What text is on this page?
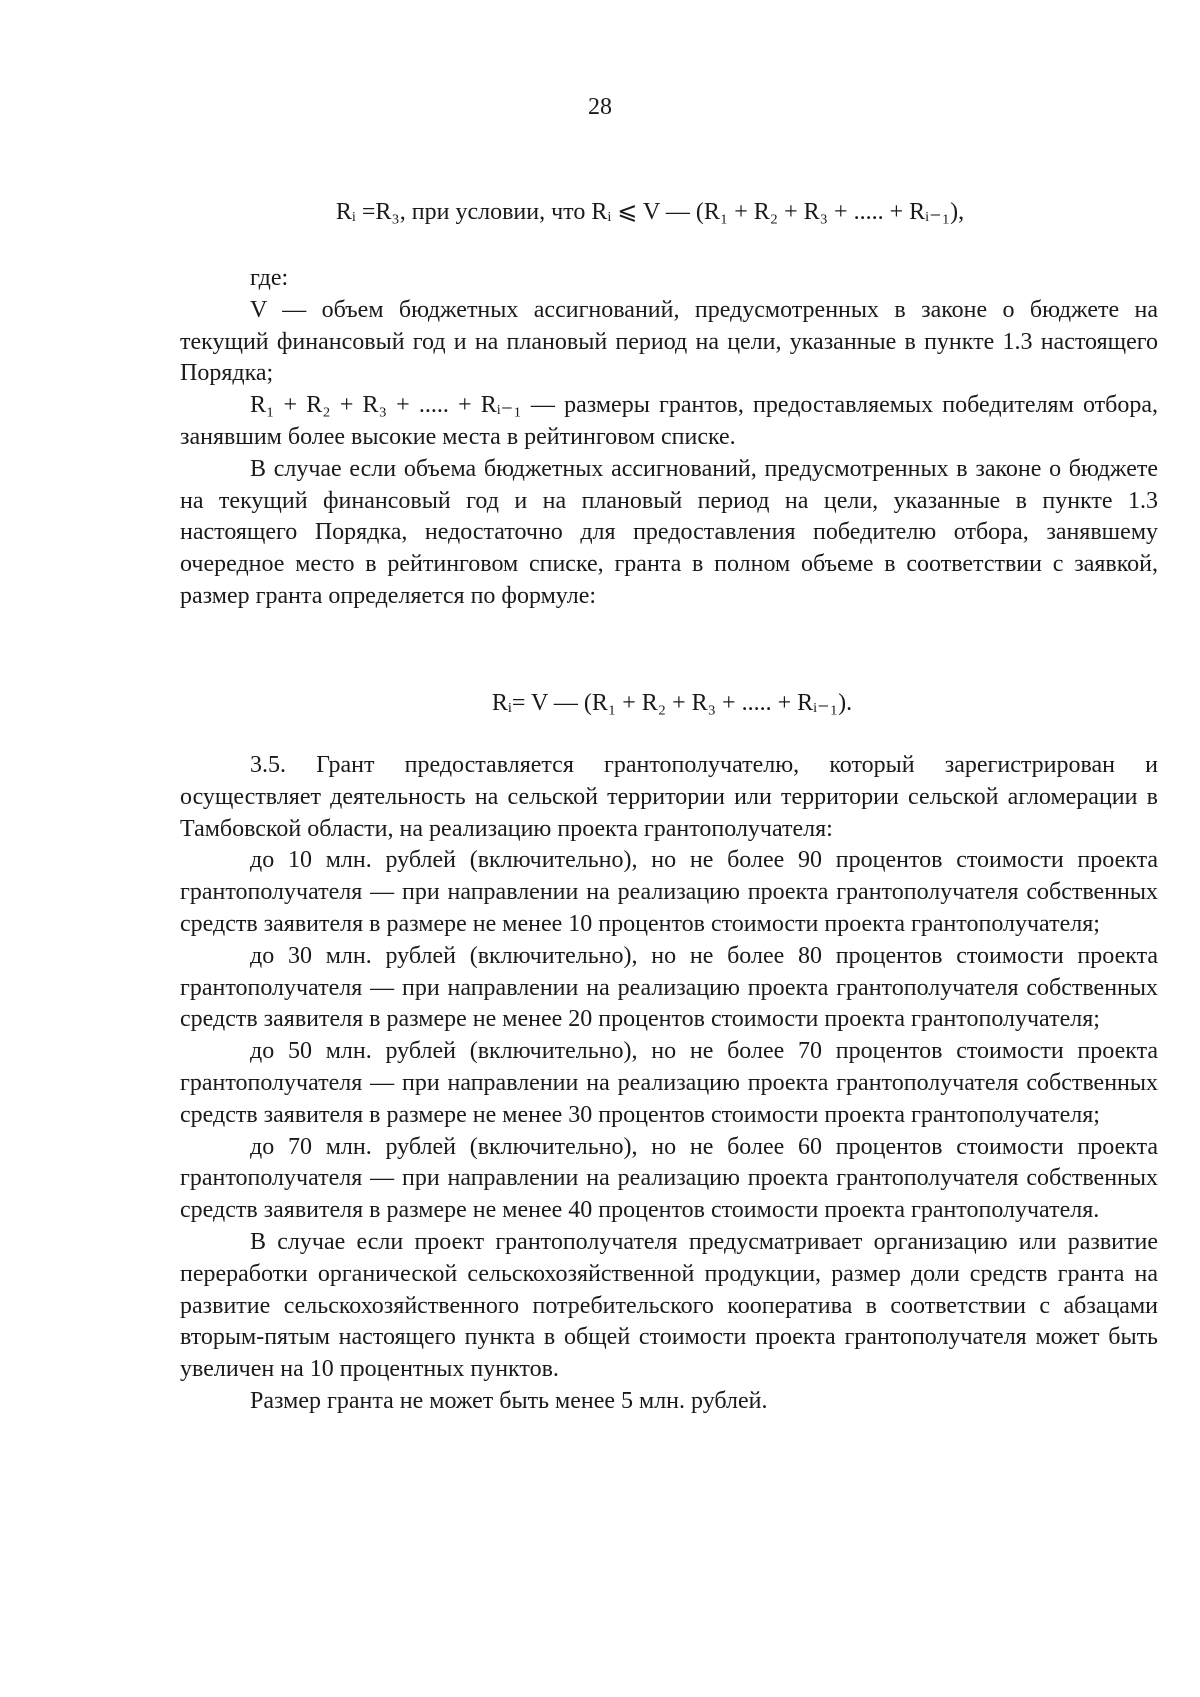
28
Rᵢ =R₃, при условии, что Rᵢ ⩽ V — (R₁ + R₂ + R₃ + ..... + Rᵢ₋₁),

где:

V — объем бюджетных ассигнований, предусмотренных в законе о бюджете на текущий финансовый год и на плановый период на цели, указанные в пункте 1.3 настоящего Порядка;

R₁ + R₂ + R₃ + ..... + Rᵢ₋₁ — размеры грантов, предоставляемых победителям отбора, занявшим более высокие места в рейтинговом списке.

В случае если объема бюджетных ассигнований, предусмотренных в законе о бюджете на текущий финансовый год и на плановый период на цели, указанные в пункте 1.3 настоящего Порядка, недостаточно для предоставления победителю отбора, занявшему очередное место в рейтинговом списке, гранта в полном объеме в соответствии с заявкой, размер гранта определяется по формуле:

Rᵢ= V — (R₁ + R₂ + R₃ + ..... + Rᵢ₋₁).

3.5. Грант предоставляется грантополучателю, который зарегистрирован и осуществляет деятельность на сельской территории или территории сельской агломерации в Тамбовской области, на реализацию проекта грантополучателя:

до 10 млн. рублей (включительно), но не более 90 процентов стоимости проекта грантополучателя — при направлении на реализацию проекта грантополучателя собственных средств заявителя в размере не менее 10 процентов стоимости проекта грантополучателя;

до 30 млн. рублей (включительно), но не более 80 процентов стоимости проекта грантополучателя — при направлении на реализацию проекта грантополучателя собственных средств заявителя в размере не менее 20 процентов стоимости проекта грантополучателя;

до 50 млн. рублей (включительно), но не более 70 процентов стоимости проекта грантополучателя — при направлении на реализацию проекта грантополучателя собственных средств заявителя в размере не менее 30 процентов стоимости проекта грантополучателя;

до 70 млн. рублей (включительно), но не более 60 процентов стоимости проекта грантополучателя — при направлении на реализацию проекта грантополучателя собственных средств заявителя в размере не менее 40 процентов стоимости проекта грантополучателя.

В случае если проект грантополучателя предусматривает организацию или развитие переработки органической сельскохозяйственной продукции, размер доли средств гранта на развитие сельскохозяйственного потребительского кооператива в соответствии с абзацами вторым-пятым настоящего пункта в общей стоимости проекта грантополучателя может быть увеличен на 10 процентных пунктов.

Размер гранта не может быть менее 5 млн. рублей.
